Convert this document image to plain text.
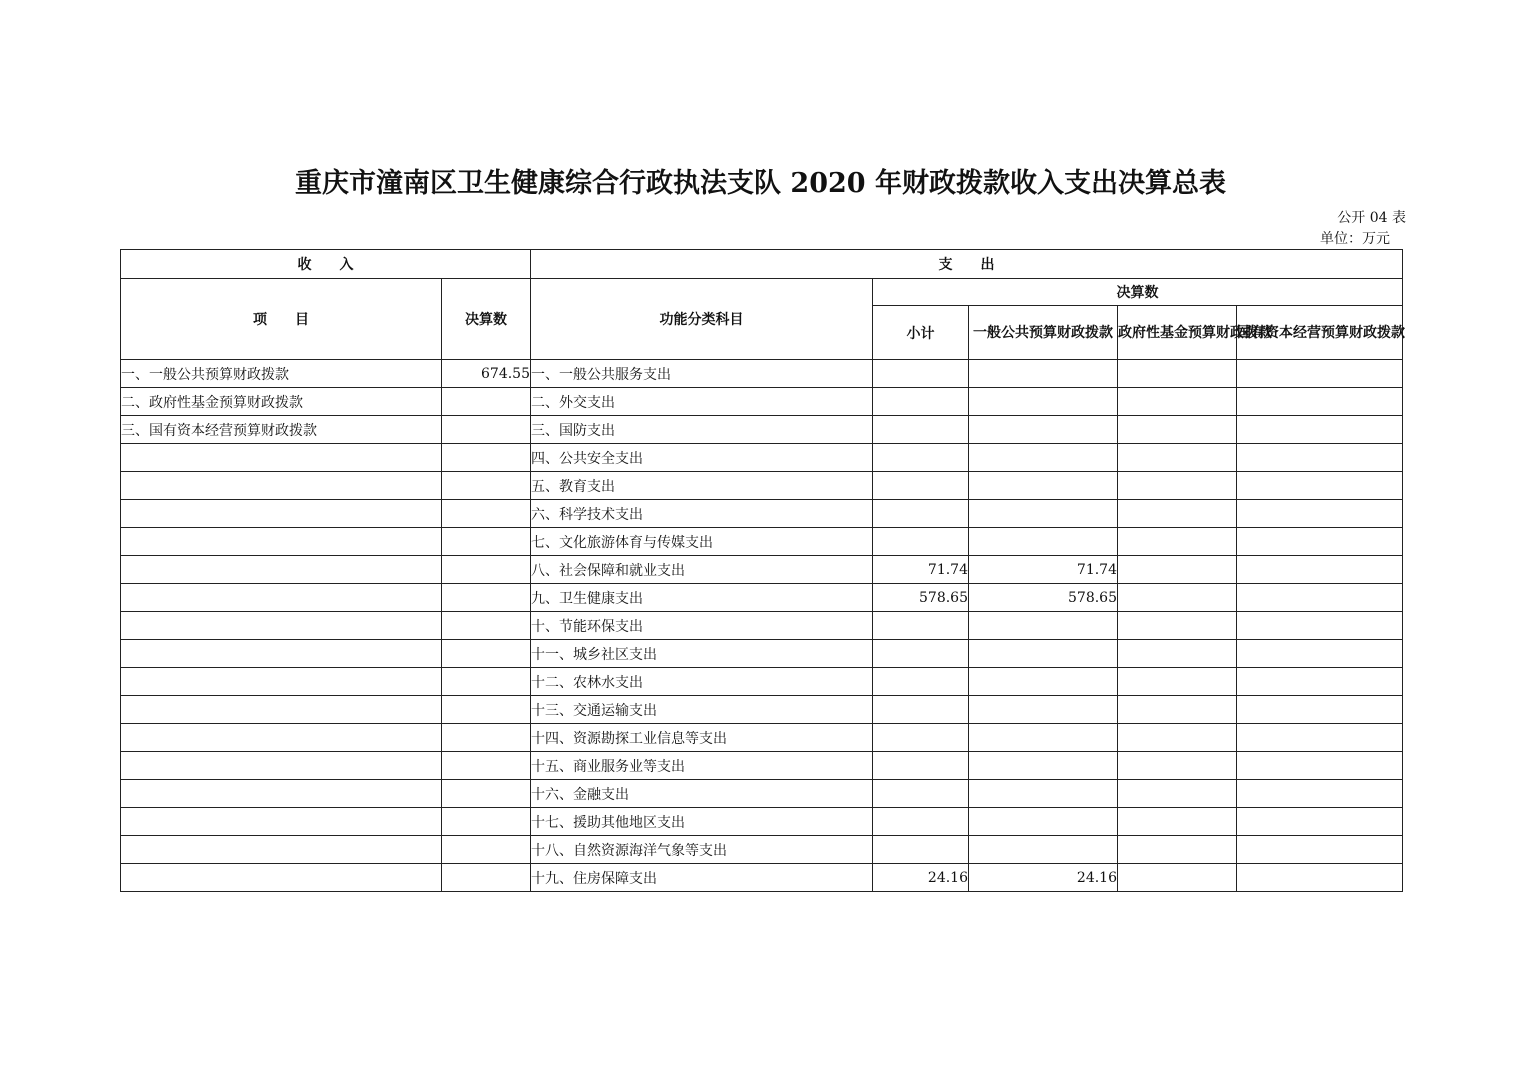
重庆市潼南区卫生健康综合行政执法支队 2020 年财政拨款收入支出决算总表
公开 04 表
单位：万元
收　　入		支　　出				
项　　目	决算数	功能分类科目	决算数			
			小计	一般公共预算财政拨款	政府性基金预算财政拨款	国有资本经营预算财政拨款
一、一般公共预算财政拨款	674.55	一、一般公共服务支出				
二、政府性基金预算财政拨款		二、外交支出				
三、国有资本经营预算财政拨款		三、国防支出				
		四、公共安全支出				
		五、教育支出				
		六、科学技术支出				
		七、文化旅游体育与传媒支出				
		八、社会保障和就业支出	71.74	71.74		
		九、卫生健康支出	578.65	578.65		
		十、节能环保支出				
		十一、城乡社区支出				
		十二、农林水支出				
		十三、交通运输支出				
		十四、资源勘探工业信息等支出				
		十五、商业服务业等支出				
		十六、金融支出				
		十七、援助其他地区支出				
		十八、自然资源海洋气象等支出				
		十九、住房保障支出	24.16	24.16		
